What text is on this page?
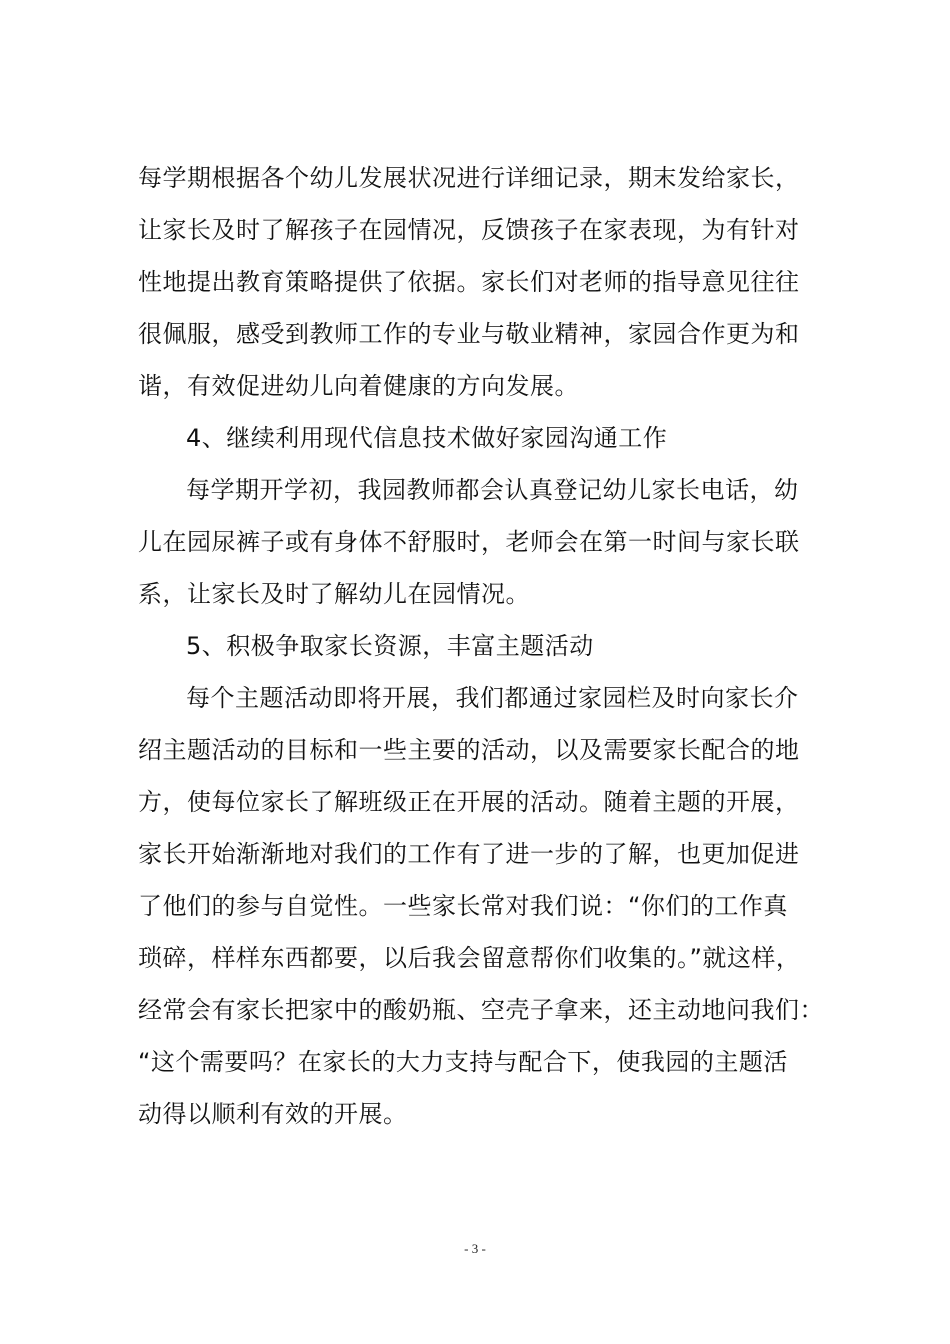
每学期根据各个幼儿发展状况进行详细记录，期末发给家长，
让家长及时了解孩子在园情况，反馈孩子在家表现，为有针对
性地提出教育策略提供了依据。家长们对老师的指导意见往往
很佩服，感受到教师工作的专业与敬业精神，家园合作更为和
谐，有效促进幼儿向着健康的方向发展。
4、继续利用现代信息技术做好家园沟通工作
每学期开学初，我园教师都会认真登记幼儿家长电话，幼
儿在园尿裤子或有身体不舒服时，老师会在第一时间与家长联
系，让家长及时了解幼儿在园情况。
5、积极争取家长资源，丰富主题活动
每个主题活动即将开展，我们都通过家园栏及时向家长介
绍主题活动的目标和一些主要的活动，以及需要家长配合的地
方，使每位家长了解班级正在开展的活动。随着主题的开展，
家长开始渐渐地对我们的工作有了进一步的了解，也更加促进
了他们的参与自觉性。一些家长常对我们说：“你们的工作真
琐碎，样样东西都要，以后我会留意帮你们收集的。”就这样，
经常会有家长把家中的酸奶瓶、空壳子拿来，还主动地问我们：
“这个需要吗？在家长的大力支持与配合下，使我园的主题活
动得以顺利有效的开展。
- 3 -
